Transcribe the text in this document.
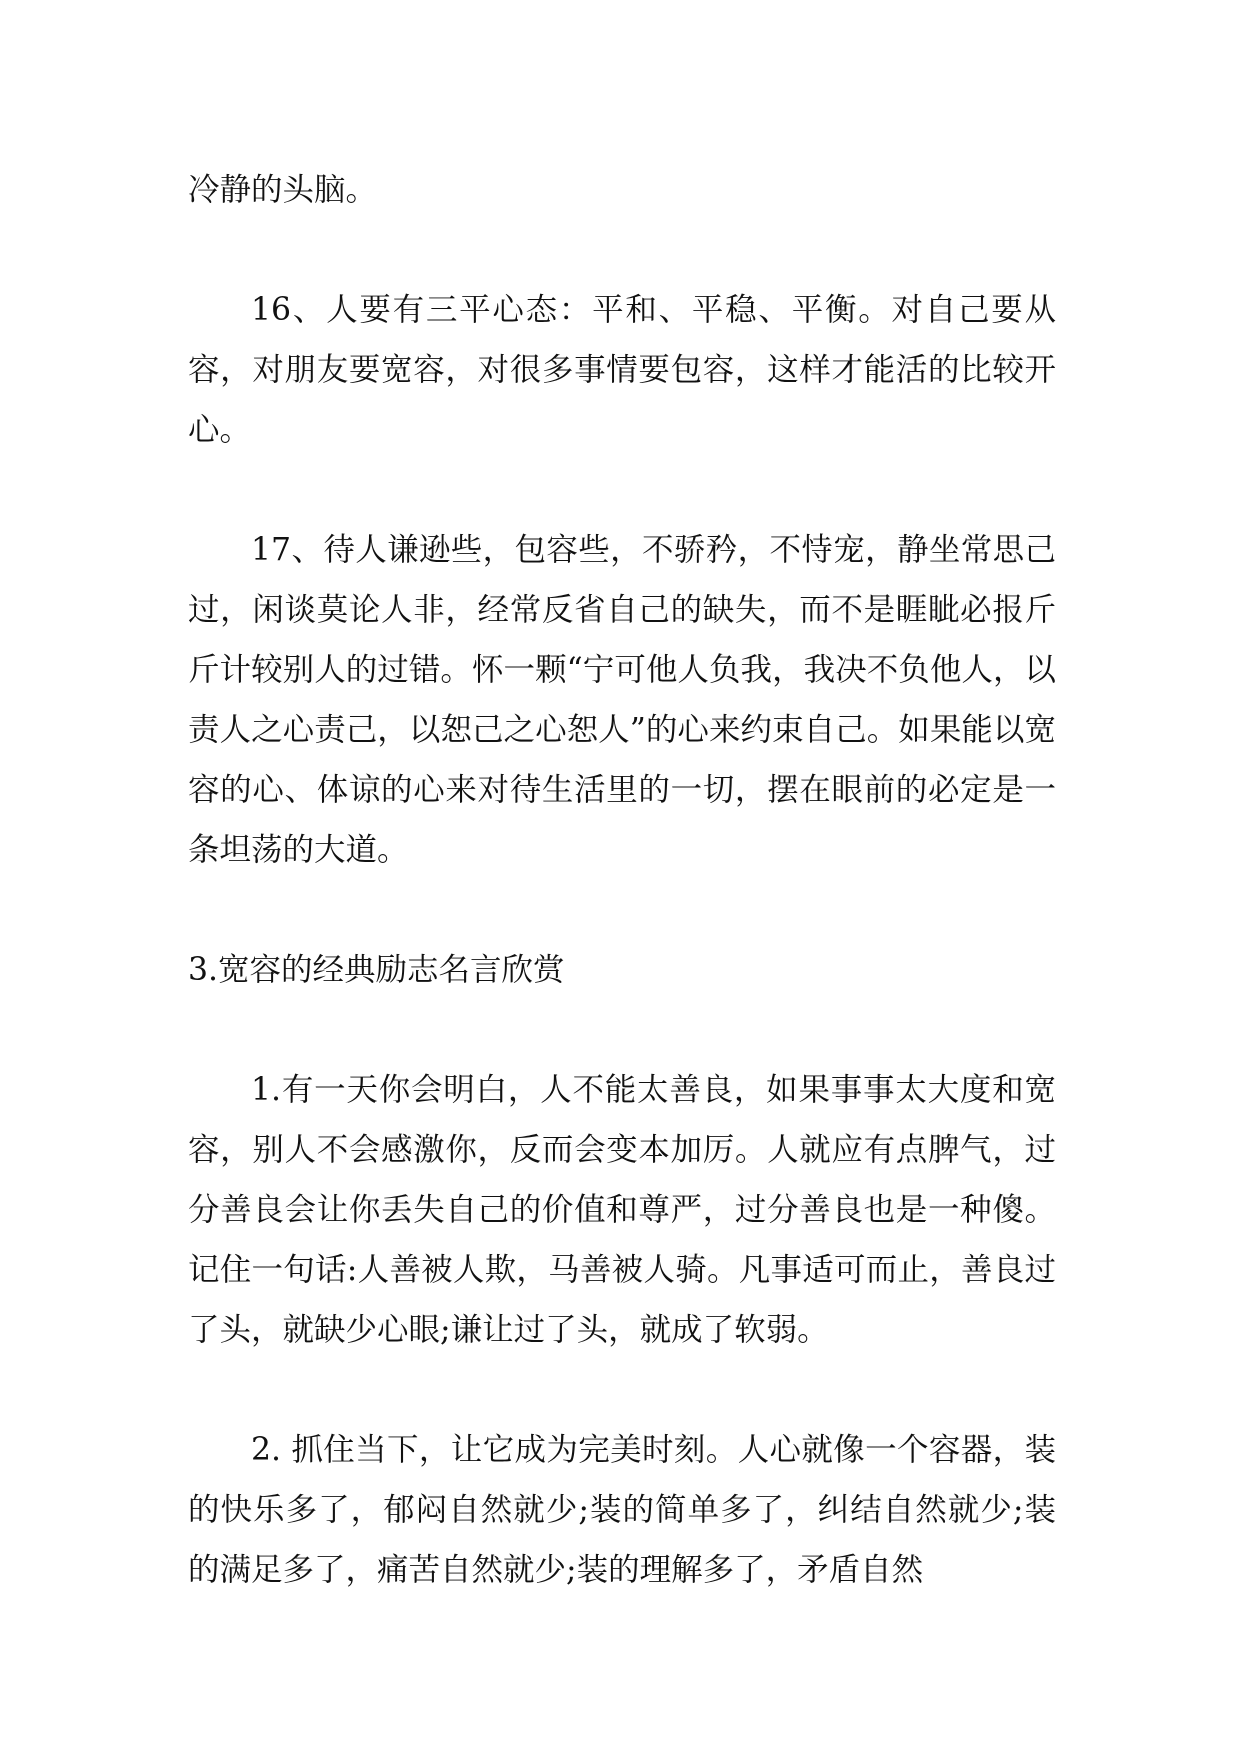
冷静的头脑。

16、人要有三平心态：平和、平稳、平衡。对自己要从容，对朋友要宽容，对很多事情要包容，这样才能活的比较开心。

17、待人谦逊些，包容些，不骄矜，不恃宠，静坐常思己过，闲谈莫论人非，经常反省自己的缺失，而不是睚眦必报斤斤计较别人的过错。怀一颗“宁可他人负我，我决不负他人，以责人之心责己，以恕己之心恕人”的心来约束自己。如果能以宽容的心、体谅的心来对待生活里的一切，摆在眼前的必定是一条坦荡的大道。

3.宽容的经典励志名言欣赏

1.有一天你会明白，人不能太善良，如果事事太大度和宽容，别人不会感激你，反而会变本加厉。人就应有点脾气，过分善良会让你丢失自己的价值和尊严，过分善良也是一种傻。记住一句话:人善被人欺，马善被人骑。凡事适可而止，善良过了头，就缺少心眼;谦让过了头，就成了软弱。

2. 抓住当下，让它成为完美时刻。人心就像一个容器，装的快乐多了，郁闷自然就少;装的简单多了，纠结自然就少;装的满足多了，痛苦自然就少;装的理解多了，矛盾自然
